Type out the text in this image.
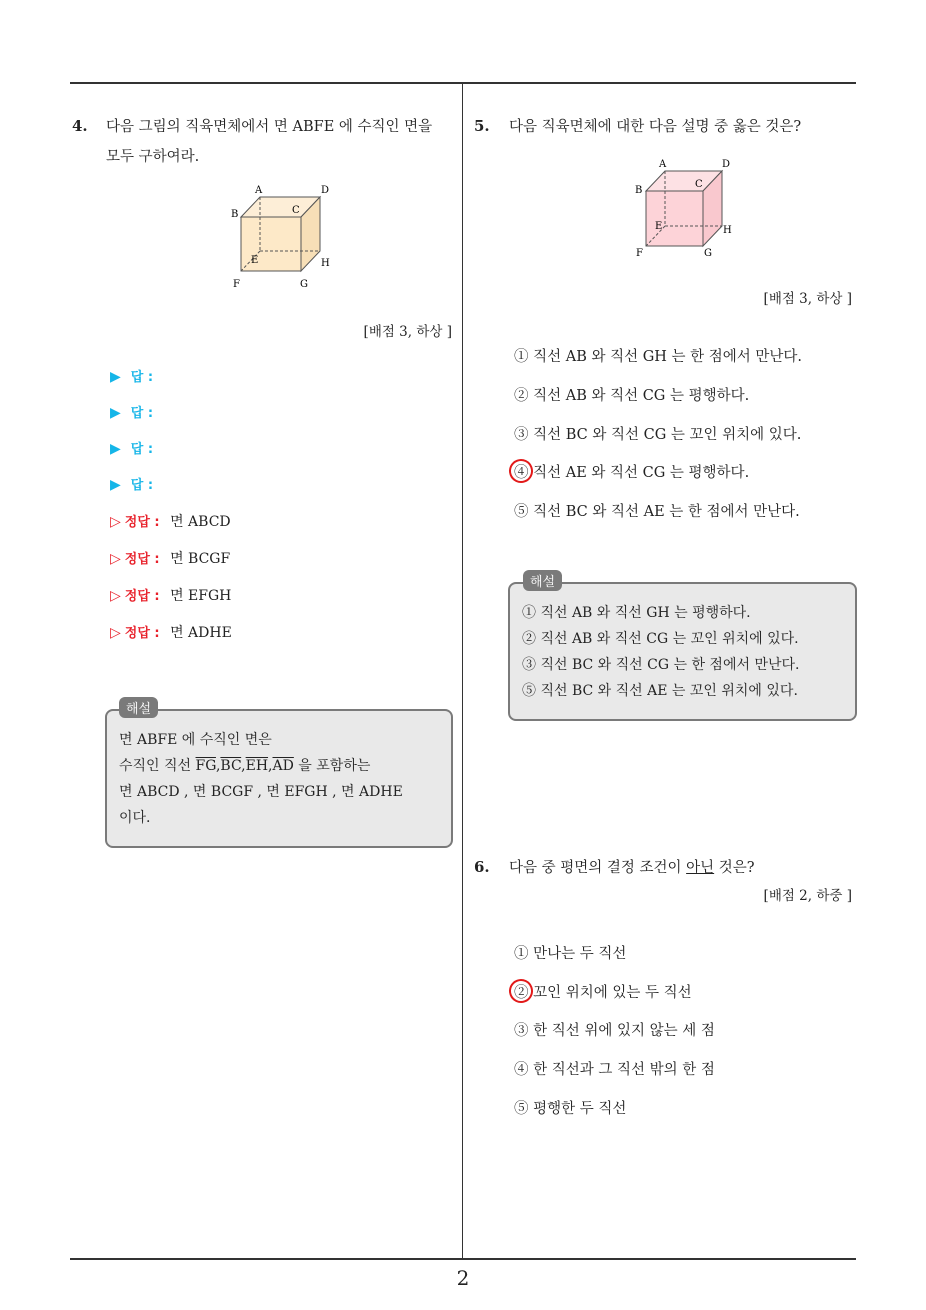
2
4. 다음 그림의 직육면체에서 면 ABFE 에 수직인 면을
모두 구하여라.
A	D
B	C
E	H
F	G
[배점 3, 하상 ]
▶ 답 :
▶ 답 :
▶ 답 :
▶ 답 :
▷ 정답 : 면 ABCD
▷ 정답 : 면 BCGF
▷ 정답 : 면 EFGH
▷ 정답 : 면 ADHE
면 ABFE 에 수직인 면은
수직인 직선 $\overline{FG},\overline{BC},\overline{EH},\overline{AD}$ 을 포함하는
면 ABCD , 면 BCGF , 면 EFGH , 면 ADHE
이다.
해설
5. 다음 직육면체에 대한 다음 설명 중 옳은 것은?
A	D
B
C
E	H
F	G
[배점 3, 하상 ]
① 직선 AB 와 직선 GH 는 한 점에서 만난다.
② 직선 AB 와 직선 CG 는 평행하다.
③ 직선 BC 와 직선 CG 는 꼬인 위치에 있다.
④ 직선 AE 와 직선 CG 는 평행하다.
⑤ 직선 BC 와 직선 AE 는 한 점에서 만난다.
① 직선 AB 와 직선 GH 는 평행하다.
② 직선 AB 와 직선 CG 는 꼬인 위치에 있다.
③ 직선 BC 와 직선 CG 는 한 점에서 만난다.
⑤ 직선 BC 와 직선 AE 는 꼬인 위치에 있다.
해설
6. 다음 중 평면의 결정 조건이 아닌 것은?
[배점 2, 하중 ]
① 만나는 두 직선
② 꼬인 위치에 있는 두 직선
③ 한 직선 위에 있지 않는 세 점
④ 한 직선과 그 직선 밖의 한 점
⑤ 평행한 두 직선
